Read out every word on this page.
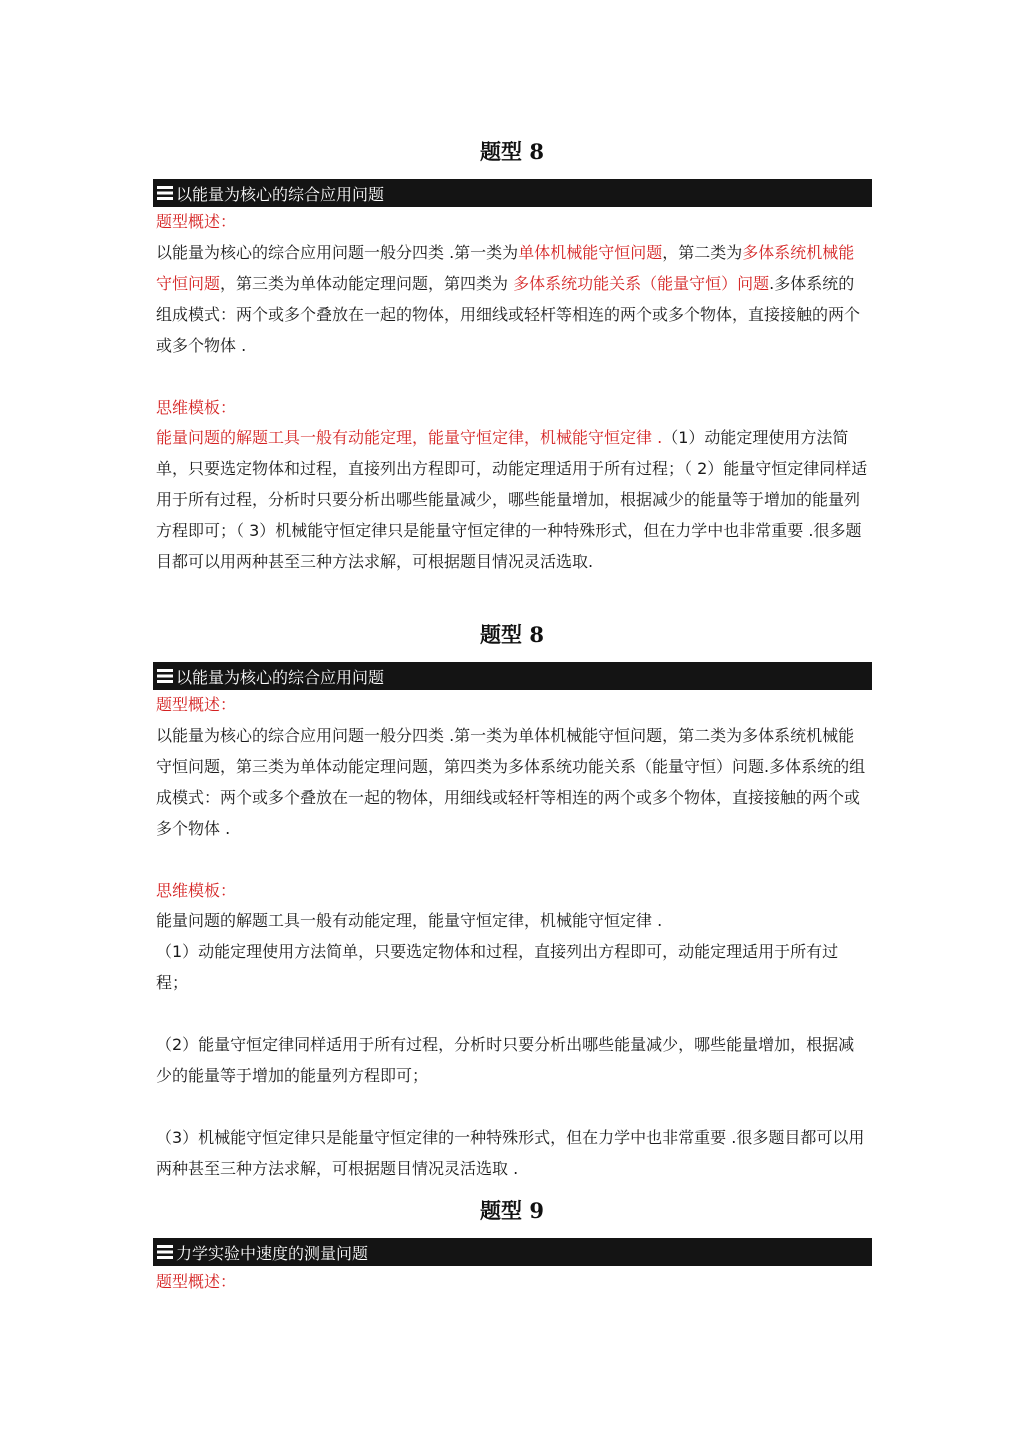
题型 8
以能量为核心的综合应用问题
题型概述：

以能量为核心的综合应用问题一般分四类 .第一类为单体机械能守恒问题，第二类为多体系统机械能守恒问题，第三类为单体动能定理问题，第四类为 多体系统功能关系（能量守恒）问题.多体系统的组成模式：两个或多个叠放在一起的物体，用细线或轻杆等相连的两个或多个物体，直接接触的两个或多个物体 .

思维模板：

能量问题的解题工具一般有动能定理，能量守恒定律，机械能守恒定律 .（1）动能定理使用方法简单，只要选定物体和过程，直接列出方程即可，动能定理适用于所有过程；（ 2）能量守恒定律同样适用于所有过程，分析时只要分析出哪些能量减少，哪些能量增加，根据减少的能量等于增加的能量列方程即可；（ 3）机械能守恒定律只是能量守恒定律的一种特殊形式，但在力学中也非常重要 .很多题目都可以用两种甚至三种方法求解，可根据题目情况灵活选取.

题型 8
以能量为核心的综合应用问题
题型概述：

以能量为核心的综合应用问题一般分四类 .第一类为单体机械能守恒问题，第二类为多体系统机械能守恒问题，第三类为单体动能定理问题，第四类为多体系统功能关系（能量守恒）问题.多体系统的组成模式：两个或多个叠放在一起的物体，用细线或轻杆等相连的两个或多个物体，直接接触的两个或多个物体 .

思维模板：

能量问题的解题工具一般有动能定理，能量守恒定律，机械能守恒定律 .

（1）动能定理使用方法简单，只要选定物体和过程，直接列出方程即可，动能定理适用于所有过程；

（2）能量守恒定律同样适用于所有过程，分析时只要分析出哪些能量减少，哪些能量增加，根据减少的能量等于增加的能量列方程即可；

（3）机械能守恒定律只是能量守恒定律的一种特殊形式，但在力学中也非常重要 .很多题目都可以用两种甚至三种方法求解，可根据题目情况灵活选取 .

题型 9
力学实验中速度的测量问题
题型概述：
